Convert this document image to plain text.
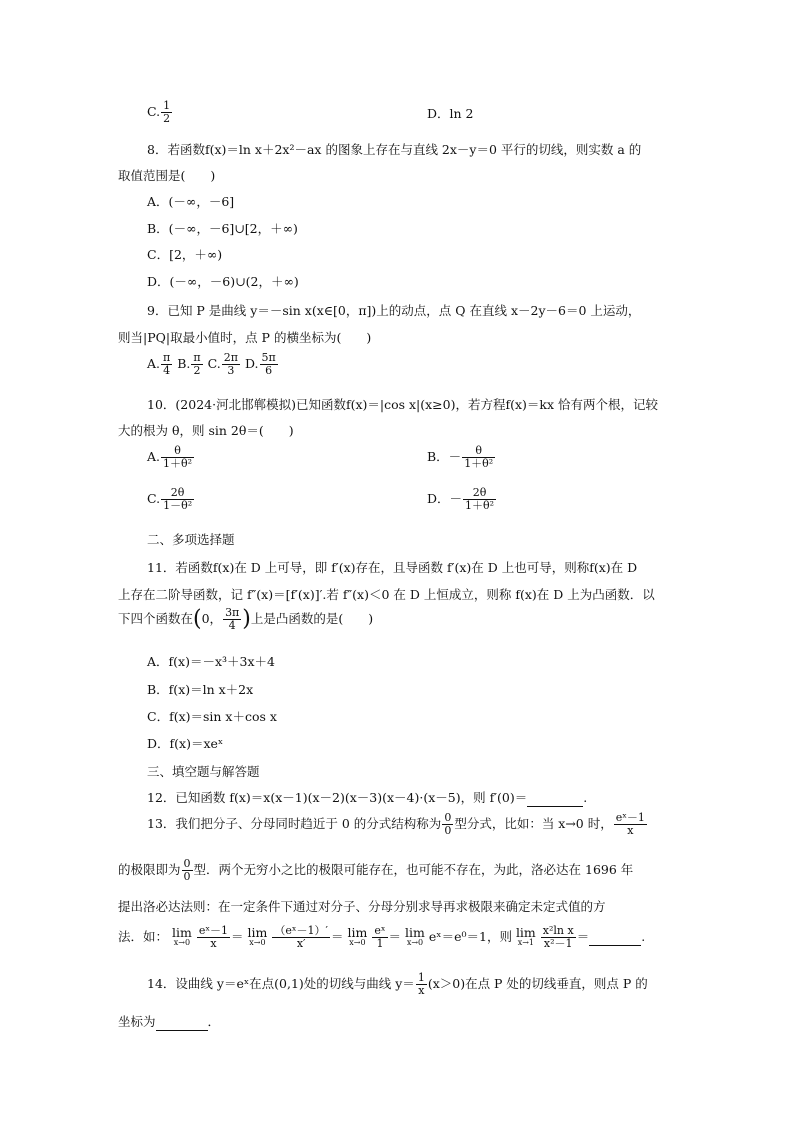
C. $\frac{1}{2}$	D．ln 2
8．若函数f(x)＝ln x＋2x²－ax 的图象上存在与直线 2x－y＝0 平行的切线，则实数 a 的
取值范围是(　　)
A．(－∞，－6]
B．(－∞，－6]∪[2，＋∞)
C．[2，＋∞)
D．(－∞，－6)∪(2，＋∞)
9．已知 P 是曲线 y＝－sin x(x∈[0，π])上的动点，点 Q 在直线 x－2y－6＝0 上运动，
则当|PQ|取最小值时，点 P 的横坐标为(　　)
A. $\frac{\pi}{4} B$. $\frac{\pi}{2} C$. $\frac{2\pi}{3} D$. $\frac{5\pi}{6}$
10．(2024·河北邯郸模拟)已知函数f(x)＝|cos x|(x≥0)，若方程f(x)＝kx 恰有两个根，记较
大的根为 θ，则 sin 2θ＝(　　)
A. $\frac{\theta}{\text{1＋θ²}}$	B．－ $\frac{\theta}{\text{1＋θ²}}$
C. $\frac{2\theta}{\text{1－θ²}}$	D．－ $\frac{2\theta}{\text{1＋θ²}}$
二、多项选择题
11．若函数f(x)在 D 上可导，即 f′(x)存在，且导函数 f′(x)在 D 上也可导，则称f(x)在 D
上存在二阶导函数，记 f″(x)＝[f′(x)]′.若 f″(x)＜0 在 D 上恒成立，则称 f(x)在 D 上为凸函数．以
下四个函数在(0， $\frac{3\pi}{4}$ )上是凸函数的是(　　)
A．f(x)＝－x³＋3x＋4
B．f(x)＝ln x＋2x
C．f(x)＝sin x＋cos x
D．f(x)＝xeˣ
三、填空题与解答题
12．已知函数 f(x)＝x(x－1)(x－2)(x－3)(x－4)·(x－5)，则 f′(0)＝	.
13．我们把分子、分母同时趋近于 0 的分式结构称为 $\frac{0}{0}$ 型分式，比如：当 x→0 时， $\frac{\text{eˣ－1}}{x}$
的极限即为 $\frac{0}{0}$ 型．两个无穷小之比的极限可能存在，也可能不存在，为此，洛必达在 1696 年
提出洛必达法则：在一定条件下通过对分子、分母分别求导再求极限来确定未定式值的方
法．如： lim
x→0
$\frac{\text{eˣ－1}}{x} = \lim$
x→0
$\frac{\text{（eˣ－1）′}}{x'} = \lim$
x→0
$\frac{\text{eˣ}}{1} = \lim$
x→0 eˣ＝e⁰＝1，则 lim
x→1
$\frac{\text{x²ln x}}{\text{x²－1}}$ ＝	.
14．设曲线 y＝eˣ在点(0,1)处的切线与曲线 $y= \frac{1}{x} (x>0)$在点 P 处的切线垂直，则点 P 的
坐标为	．
